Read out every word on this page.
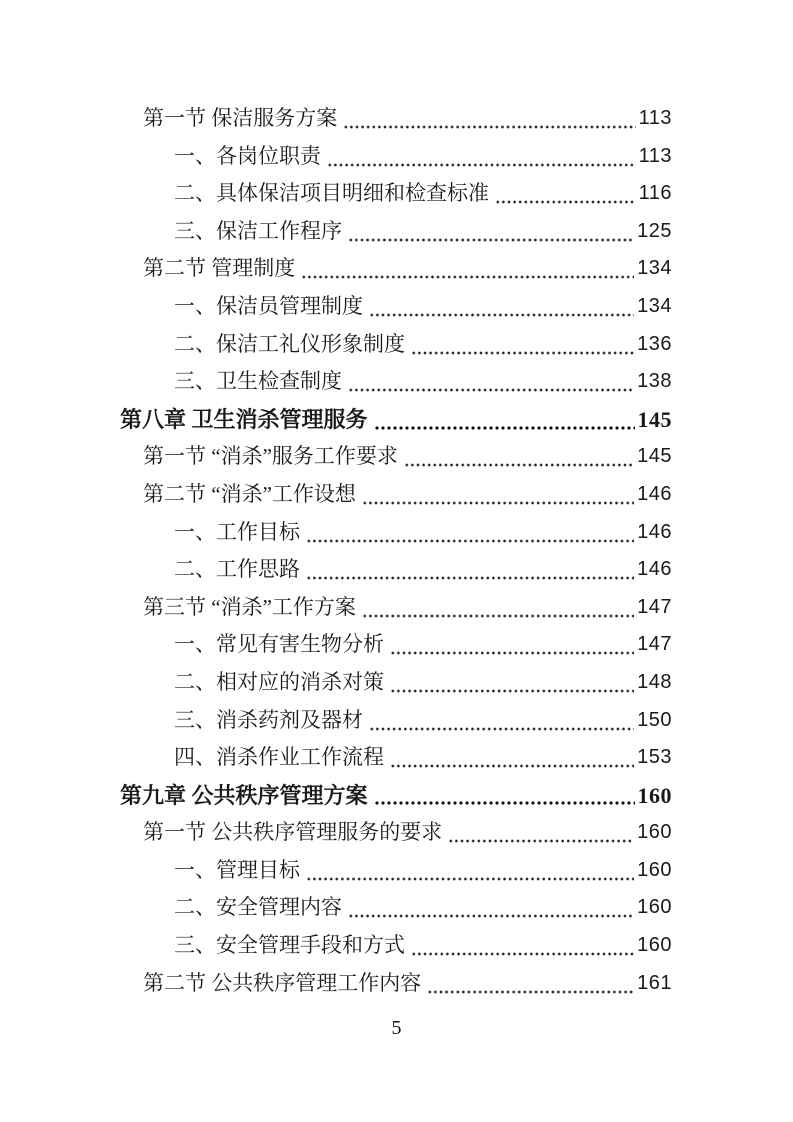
第一节 保洁服务方案	113
一、各岗位职责	113
二、具体保洁项目明细和检查标准	116
三、保洁工作程序	125
第二节 管理制度	134
一、保洁员管理制度	134
二、保洁工礼仪形象制度	136
三、卫生检查制度	138
第八章 卫生消杀管理服务	145
第一节 “消杀”服务工作要求	145
第二节 “消杀”工作设想	146
一、工作目标	146
二、工作思路	146
第三节 “消杀”工作方案	147
一、常见有害生物分析	147
二、相对应的消杀对策	148
三、消杀药剂及器材	150
四、消杀作业工作流程	153
第九章 公共秩序管理方案	160
第一节 公共秩序管理服务的要求	160
一、管理目标	160
二、安全管理内容	160
三、安全管理手段和方式	160
第二节 公共秩序管理工作内容	161
5
